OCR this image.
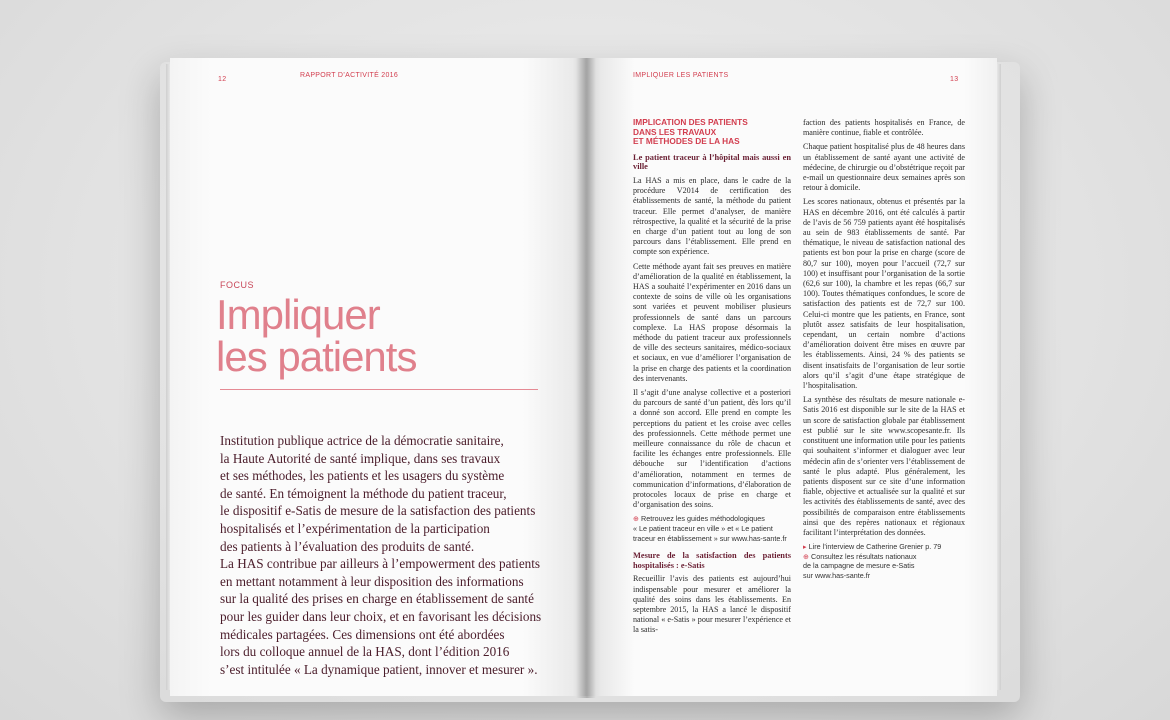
12
RAPPORT D’ACTIVITÉ 2016
FOCUS
Impliquer
les patients
Institution publique actrice de la démocratie sanitaire,
la Haute Autorité de santé implique, dans ses travaux
et ses méthodes, les patients et les usagers du système
de santé. En témoignent la méthode du patient traceur,
le dispositif e-Satis de mesure de la satisfaction des patients
hospitalisés et l’expérimentation de la participation
des patients à l’évaluation des produits de santé.
La HAS contribue par ailleurs à l’empowerment des patients
en mettant notamment à leur disposition des informations
sur la qualité des prises en charge en établissement de santé
pour les guider dans leur choix, et en favorisant les décisions
médicales partagées. Ces dimensions ont été abordées
lors du colloque annuel de la HAS, dont l’édition 2016
s’est intitulée « La dynamique patient, innover et mesurer ».
IMPLIQUER LES PATIENTS
13
IMPLICATION DES PATIENTS
DANS LES TRAVAUX
ET MÉTHODES DE LA HAS

Le patient traceur à l’hôpital mais aussi en ville

La HAS a mis en place, dans le cadre de la procédure V2014 de certification des établissements de santé, la méthode du patient traceur. Elle permet d’analyser, de manière rétrospective, la qualité et la sécurité de la prise en charge d’un patient tout au long de son parcours dans l’établissement. Elle prend en compte son expérience.

Cette méthode ayant fait ses preuves en matière d’amélioration de la qualité en établissement, la HAS a souhaité l’expérimenter en 2016 dans un contexte de soins de ville où les organisations sont variées et peuvent mobiliser plusieurs professionnels de santé dans un parcours complexe. La HAS propose désormais la méthode du patient traceur aux professionnels de ville des secteurs sanitaires, médico-sociaux et sociaux, en vue d’améliorer l’organisation de la prise en charge des patients et la coordination des intervenants.

Il s’agit d’une analyse collective et a posteriori du parcours de santé d’un patient, dès lors qu’il a donné son accord. Elle prend en compte les perceptions du patient et les croise avec celles des professionnels. Cette méthode permet une meilleure connaissance du rôle de chacun et facilite les échanges entre professionnels. Elle débouche sur l’identification d’actions d’amélioration, notamment en termes de communication d’informations, d’élaboration de protocoles locaux de prise en charge et d’organisation des soins.

⊕ Retrouvez les guides méthodologiques
« Le patient traceur en ville » et « Le patient
traceur en établissement » sur www.has-sante.fr

Mesure de la satisfaction des patients hospitalisés : e-Satis

Recueillir l’avis des patients est aujourd’hui indispensable pour mesurer et améliorer la qualité des soins dans les établissements. En septembre 2015, la HAS a lancé le dispositif national « e-Satis » pour mesurer l’expérience et la satis-

faction des patients hospitalisés en France, de manière continue, fiable et contrôlée.

Chaque patient hospitalisé plus de 48 heures dans un établissement de santé ayant une activité de médecine, de chirurgie ou d’obstétrique reçoit par e-mail un questionnaire deux semaines après son retour à domicile.

Les scores nationaux, obtenus et présentés par la HAS en décembre 2016, ont été calculés à partir de l’avis de 56 759 patients ayant été hospitalisés au sein de 983 établissements de santé. Par thématique, le niveau de satisfaction national des patients est bon pour la prise en charge (score de 80,7 sur 100), moyen pour l’accueil (72,7 sur 100) et insuffisant pour l’organisation de la sortie (62,6 sur 100), la chambre et les repas (66,7 sur 100). Toutes thématiques confondues, le score de satisfaction des patients est de 72,7 sur 100. Celui-ci montre que les patients, en France, sont plutôt assez satisfaits de leur hospitalisation, cependant, un certain nombre d’actions d’amélioration doivent être mises en œuvre par les établissements. Ainsi, 24 % des patients se disent insatisfaits de l’organisation de leur sortie alors qu’il s’agit d’une étape stratégique de l’hospitalisation.

La synthèse des résultats de mesure nationale e-Satis 2016 est disponible sur le site de la HAS et un score de satisfaction globale par établissement est publié sur le site www.scopesante.fr. Ils constituent une information utile pour les patients qui souhaitent s’informer et dialoguer avec leur médecin afin de s’orienter vers l’établissement de santé le plus adapté. Plus généralement, les patients disposent sur ce site d’une information fiable, objective et actualisée sur la qualité et sur les activités des établissements de santé, avec des possibilités de comparaison entre établissements ainsi que des repères nationaux et régionaux facilitant l’interprétation des données.

▸ Lire l’interview de Catherine Grenier p. 79
⊕ Consultez les résultats nationaux
de la campagne de mesure e-Satis
sur www.has-sante.fr
